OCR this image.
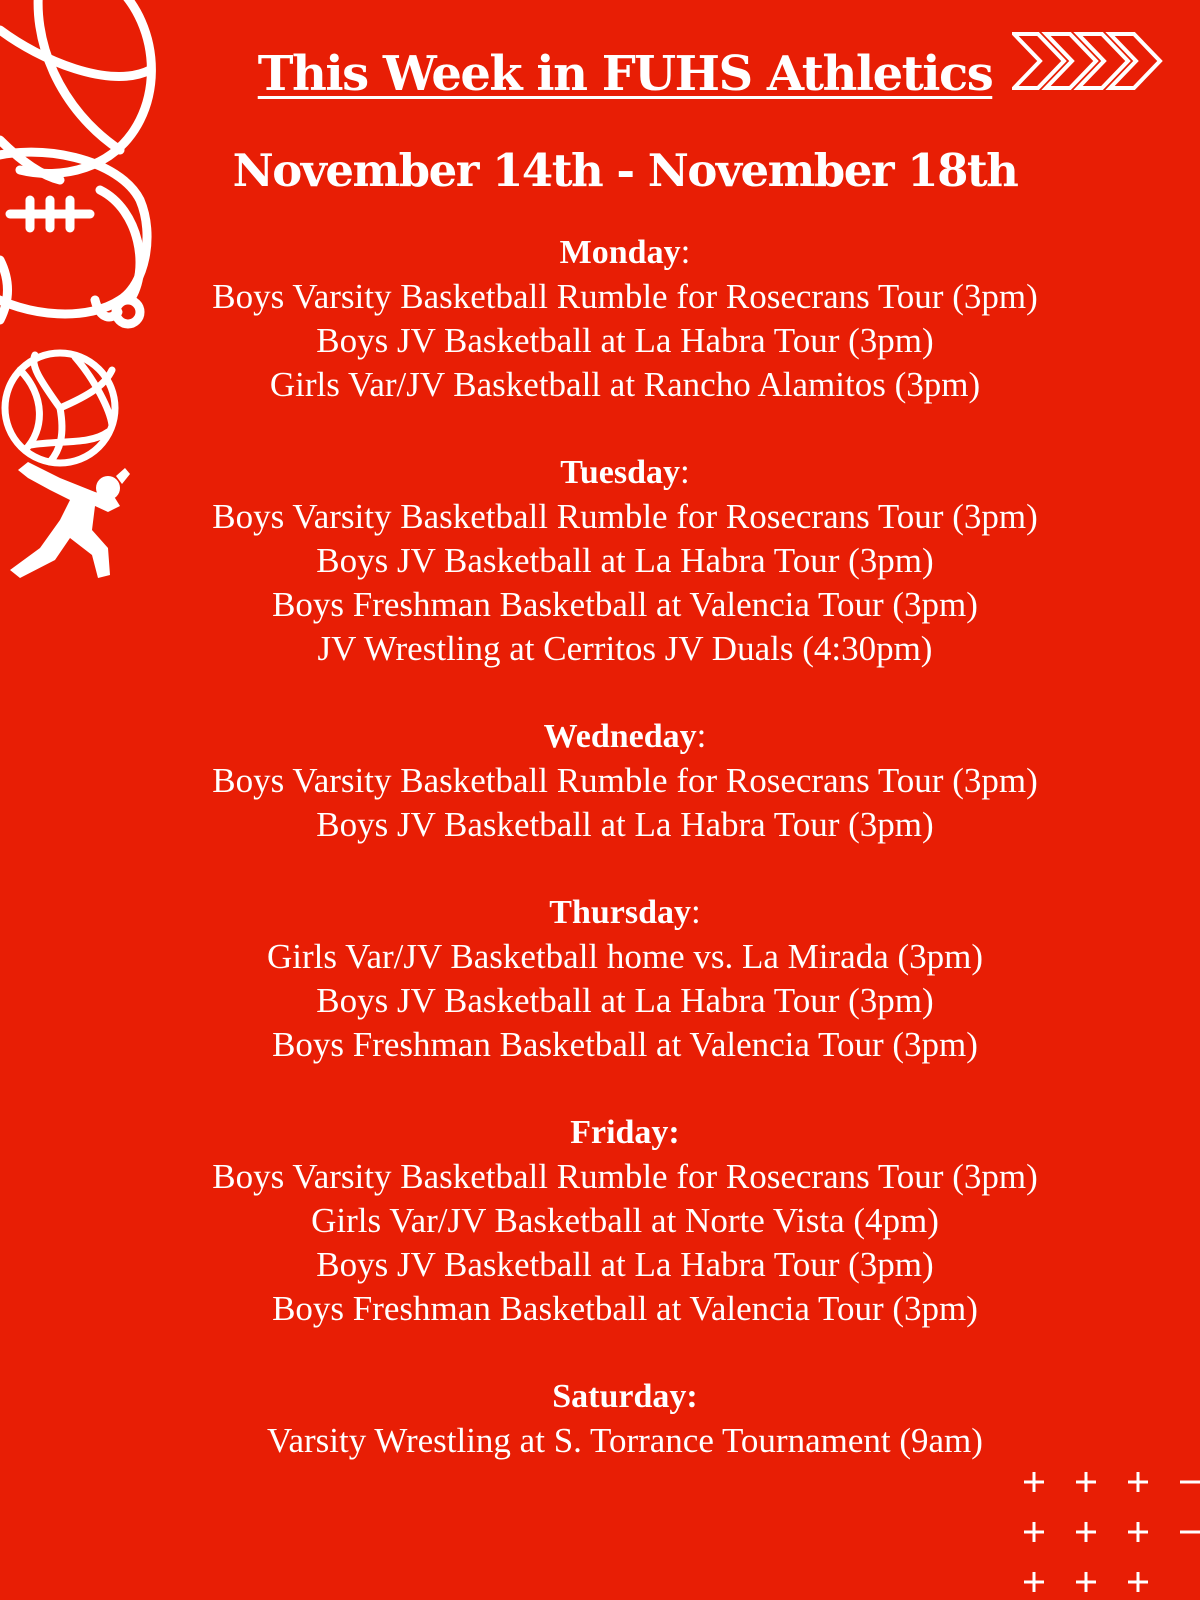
This Week in FUHS Athletics
November 14th - November 18th
Monday:
Boys Varsity Basketball Rumble for Rosecrans Tour (3pm)
Boys JV Basketball at La Habra Tour (3pm)
Girls Var/JV Basketball at Rancho Alamitos (3pm)
Tuesday:
Boys Varsity Basketball Rumble for Rosecrans Tour (3pm)
Boys JV Basketball at La Habra Tour (3pm)
Boys Freshman Basketball at Valencia Tour (3pm)
JV Wrestling at Cerritos JV Duals (4:30pm)
Wedneday:
Boys Varsity Basketball Rumble for Rosecrans Tour (3pm)
Boys JV Basketball at La Habra Tour (3pm)
Thursday:
Girls Var/JV Basketball home vs. La Mirada (3pm)
Boys JV Basketball at La Habra Tour (3pm)
Boys Freshman Basketball at Valencia Tour (3pm)
Friday:
Boys Varsity Basketball Rumble for Rosecrans Tour (3pm)
Girls Var/JV Basketball at Norte Vista (4pm)
Boys JV Basketball at La Habra Tour (3pm)
Boys Freshman Basketball at Valencia Tour (3pm)
Saturday:
Varsity Wrestling at S. Torrance Tournament (9am)
